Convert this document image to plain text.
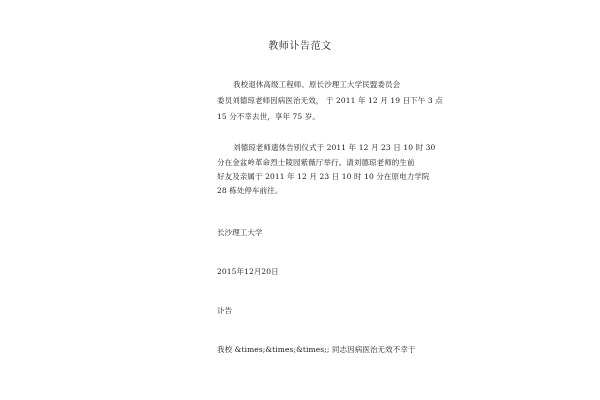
教师讣告范文
我校退休高级工程师、原长沙理工大学民盟委员会
委员刘德琼老师因病医治无效， 于 2011 年 12 月 19 日下午 3 点
15 分不幸去世，享年 75 岁。
刘德琼老师遗体告别仪式于 2011 年 12 月 23 日 10 时 30
分在金盆岭革命烈士陵园紫薇厅举行。请刘德琼老师的生前
好友及亲属于 2011 年 12 月 23 日 10 时 10 分在原电力学院
28 栋处停车前往。
长沙理工大学
2015年12月20日
讣告
我校 &times;&times;&times;; 同志因病医治无效不幸于
